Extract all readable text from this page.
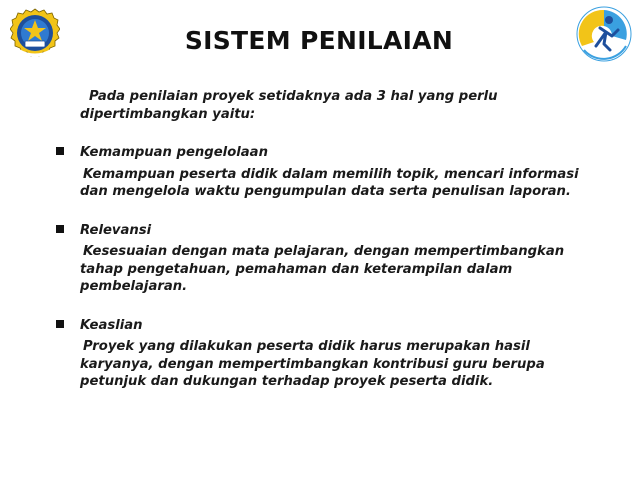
SISTEM PENILAIAN
Pada penilaian proyek setidaknya ada 3 hal yang perlu dipertimbangkan yaitu:
Kemampuan pengelolaan
Kemampuan peserta didik dalam memilih topik, mencari informasi dan mengelola waktu pengumpulan data serta penulisan laporan.
Relevansi
Kesesuaian dengan mata pelajaran, dengan mempertimbangkan tahap pengetahuan, pemahaman dan keterampilan dalam pembelajaran.
Keaslian
Proyek yang dilakukan peserta didik harus merupakan hasil karyanya, dengan mempertimbangkan kontribusi guru berupa petunjuk dan dukungan terhadap proyek peserta didik.
